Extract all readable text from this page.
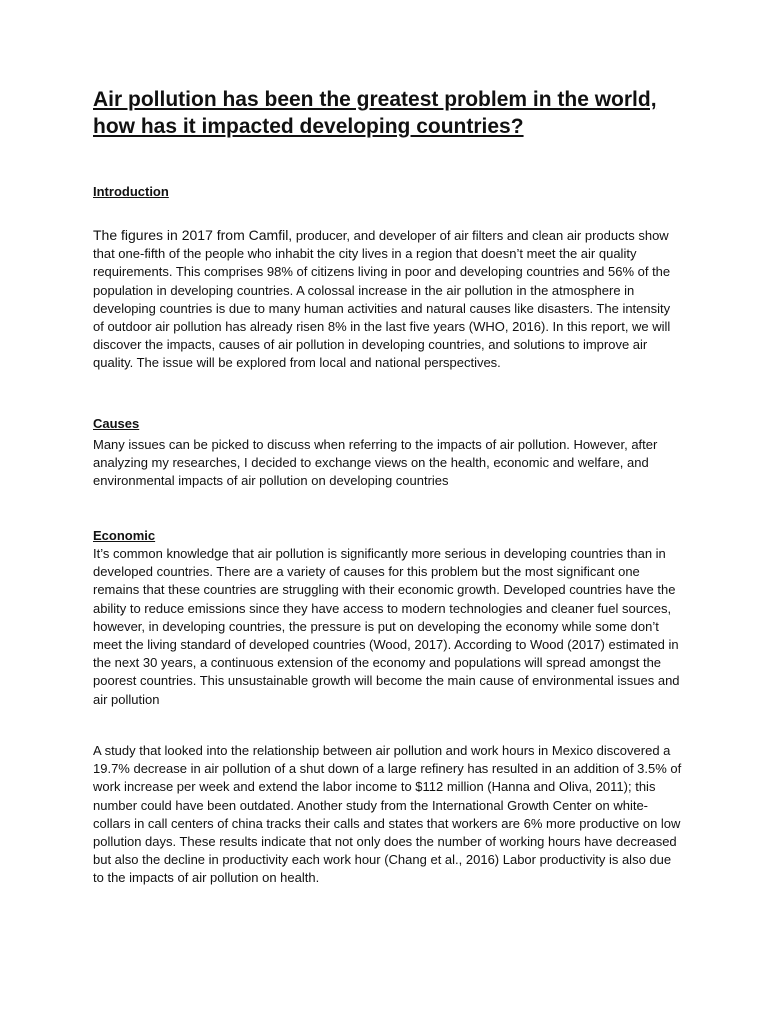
Air pollution has been the greatest problem in the world, how has it impacted developing countries?
Introduction

The figures in 2017 from Camfil, producer, and developer of air filters and clean air products show that one-fifth of the people who inhabit the city lives in a region that doesn’t meet the air quality requirements. This comprises 98% of citizens living in poor and developing countries and 56% of the population in developing countries. A colossal increase in the air pollution in the atmosphere in developing countries is due to many human activities and natural causes like disasters. The intensity of outdoor air pollution has already risen 8% in the last five years (WHO, 2016). In this report, we will discover the impacts, causes of air pollution in developing countries, and solutions to improve air quality. The issue will be explored from local and national perspectives.

Causes

Many issues can be picked to discuss when referring to the impacts of air pollution. However, after analyzing my researches, I decided to exchange views on the health, economic and welfare, and environmental impacts of air pollution on developing countries

Economic

It’s common knowledge that air pollution is significantly more serious in developing countries than in developed countries. There are a variety of causes for this problem but the most significant one remains that these countries are struggling with their economic growth. Developed countries have the ability to reduce emissions since they have access to modern technologies and cleaner fuel sources, however, in developing countries, the pressure is put on developing the economy while some don’t meet the living standard of developed countries (Wood, 2017). According to Wood (2017) estimated in the next 30 years, a continuous extension of the economy and populations will spread amongst the poorest countries. This unsustainable growth will become the main cause of environmental issues and air pollution

A study that looked into the relationship between air pollution and work hours in Mexico discovered a 19.7% decrease in air pollution of a shut down of a large refinery has resulted in an addition of 3.5% of work increase per week and extend the labor income to $112 million (Hanna and Oliva, 2011); this number could have been outdated. Another study from the International Growth Center on white-collars in call centers of china tracks their calls and states that workers are 6% more productive on low pollution days. These results indicate that not only does the number of working hours have decreased but also the decline in productivity each work hour (Chang et al., 2016) Labor productivity is also due to the impacts of air pollution on health.
